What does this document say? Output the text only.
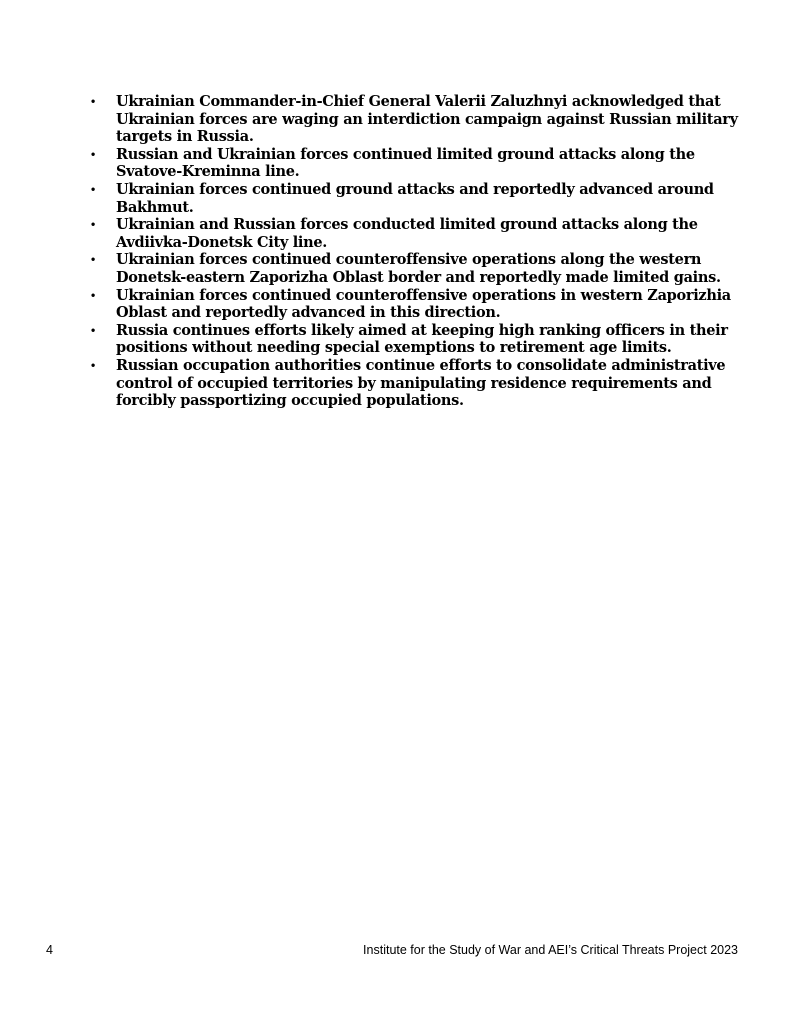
• Ukrainian Commander-in-Chief General Valerii Zaluzhnyi acknowledged that Ukrainian forces are waging an interdiction campaign against Russian military targets in Russia.
• Russian and Ukrainian forces continued limited ground attacks along the Svatove-Kreminna line.
• Ukrainian forces continued ground attacks and reportedly advanced around Bakhmut.
• Ukrainian and Russian forces conducted limited ground attacks along the Avdiivka-Donetsk City line.
• Ukrainian forces continued counteroffensive operations along the western Donetsk-eastern Zaporizha Oblast border and reportedly made limited gains.
• Ukrainian forces continued counteroffensive operations in western Zaporizhia Oblast and reportedly advanced in this direction.
• Russia continues efforts likely aimed at keeping high ranking officers in their positions without needing special exemptions to retirement age limits.
• Russian occupation authorities continue efforts to consolidate administrative control of occupied territories by manipulating residence requirements and forcibly passportizing occupied populations.
4	Institute for the Study of War and AEI’s Critical Threats Project 2023
